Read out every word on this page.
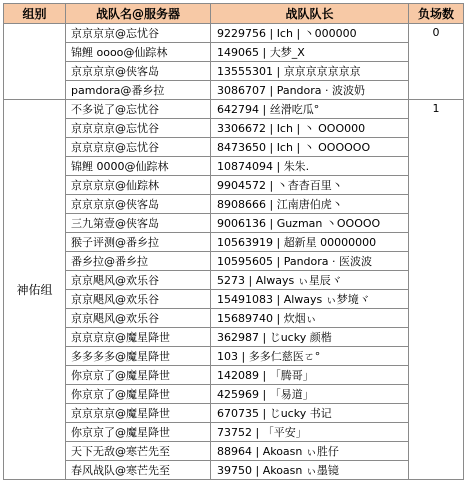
组别	战队名@服务器	战队队长	负场数
	京京京京@忘忧谷	9229756 | Ich | 丶000000	0

	锦鲤 oooo@仙踪林	149065 | 大梦_X	
	京京京京@侠客岛	13555301 | 京京京京京京京	
	pamdora@番乡拉	3086707 | Pandora · 波波奶	
神佑组	不多说了@忘忧谷	642794 | 丝滑吃瓜°	1

	京京京京@忘忧谷	3306672 | Ich | 丶 OOO000	
	京京京京@忘忧谷	8473650 | Ich | 丶 OOOOOO	
	锦鲤 0000@仙踪林	10874094 | 朱朱.	
	京京京京@仙踪林	9904572 | 丶杳杳百里丶	
	京京京京@侠客岛	8908666 | 江南唐伯虎丶	
	三九第壹@侠客岛	9006136 | Guzman 丶OOOOO	
	猴子评测@番乡拉	10563919 | 超新星 00000000	
	番乡拉@番乡拉	10595605 | Pandora · 医波波	
	京京飓风@欢乐谷	5273 | Always ぃ星辰ヾ	
	京京飓风@欢乐谷	15491083 | Always ぃ梦境ヾ	
	京京飓风@欢乐谷	15689740 | 炊烟ぃ	
	京京京京@魔星降世	362987 | じucky 颜楷	
	多多多多@魔星降世	103 | 多多仁慈医ㄛ°	
	你京京了@魔星降世	142089 | 「腾哥」	
	你京京了@魔星降世	425969 | 「易道」	
	京京京京@魔星降世	670735 | じucky 书记	
	你京京了@魔星降世	73752 | 「平安」	
	天下无敌@寒芒先至	88964 | Akoasn ぃ胜仔	
	春风战队@寒芒先至	39750 | Akoasn ぃ墨镜	
